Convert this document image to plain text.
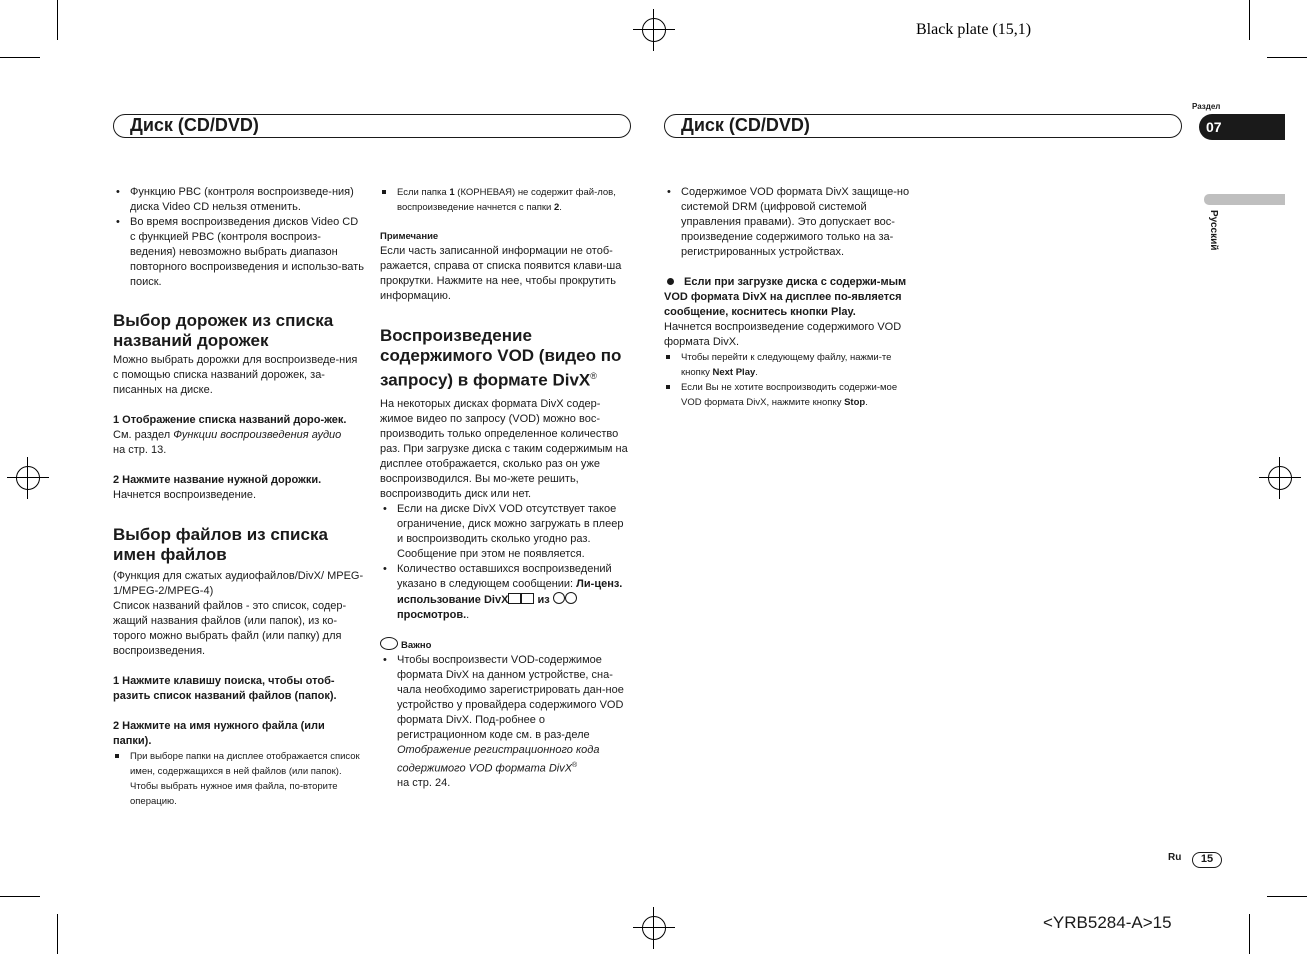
Black plate (15,1)
Диск (CD/DVD)	Диск (CD/DVD)
Раздел
07
Русский

• Функцию PBC (контроля воспроизведе-ния) диска Video CD нельзя отменить.

• Во время воспроизведения дисков Video CD с функцией PBC (контроля воспроиз-ведения) невозможно выбрать диапазон повторного воспроизведения и использо-вать поиск.

Выбор дорожек из списка названий дорожек

Можно выбрать дорожки для воспроизведе-ния с помощью списка названий дорожек, за-писанных на диске.

1 Отображение списка названий доро-жек.

См. раздел Функции воспроизведения аудио

на стр. 13.

2 Нажмите название нужной дорожки.

Начнется воспроизведение.

Выбор файлов из списка имен файлов

(Функция для сжатых аудиофайлов/DivX/ MPEG-1/MPEG-2/MPEG-4)

Список названий файлов - это список, содер-жащий названия файлов (или папок), из ко-торого можно выбрать файл (или папку) для воспроизведения.

1 Нажмите клавишу поиска, чтобы отоб-разить список названий файлов (папок).

2 Нажмите на имя нужного файла (или папки).

При выборе папки на дисплее отображается список имен, содержащихся в ней файлов (или папок). Чтобы выбрать нужное имя файла, по-вторите операцию.

Если папка 1 (КОРНЕВАЯ) не содержит фай-лов, воспроизведение начнется с папки 2.

Примечание

Если часть записанной информации не отоб-ражается, справа от списка появится клави-ша прокрутки. Нажмите на нее, чтобы прокрутить информацию.

Воспроизведение содержимого VOD (видео по запросу) в формате DivX®

На некоторых дисках формата DivX содер-жимое видео по запросу (VOD) можно вос-производить только определенное количество раз. При загрузке диска с таким содержимым на дисплее отображается, сколько раз он уже воспроизводился. Вы мо-жете решить, воспроизводить диск или нет.

• Если на диске DivX VOD отсутствует такое ограничение, диск можно загружать в плеер и воспроизводить сколько угодно раз. Сообщение при этом не появляется.

• Количество оставшихся воспроизведений указано в следующем сообщении: Ли-ценз. использование DivX из
просмотров..

Важно

• Чтобы воспроизвести VOD-содержимое формата DivX на данном устройстве, сна-чала необходимо зарегистрировать дан-ное устройство у провайдера содержимого VOD формата DivX. Под-робнее о регистрационном коде см. в раз-деле Отображение регистрационного кода содержимого VOD формата DivX®
на стр. 24.

• Содержимое VOD формата DivX защище-но системой DRM (цифровой системой управления правами). Это допускает вос-произведение содержимого только на за-регистрированных устройствах.

Если при загрузке диска с содержи-мым VOD формата DivX на дисплее по-является сообщение, коснитесь кнопки Play.

Начнется воспроизведение содержимого VOD формата DivX.

Чтобы перейти к следующему файлу, нажми-те кнопку Next Play.

Если Вы не хотите воспроизводить содержи-мое VOD формата DivX, нажмите кнопку Stop.

Ru	15
<YRB5284-A>15
